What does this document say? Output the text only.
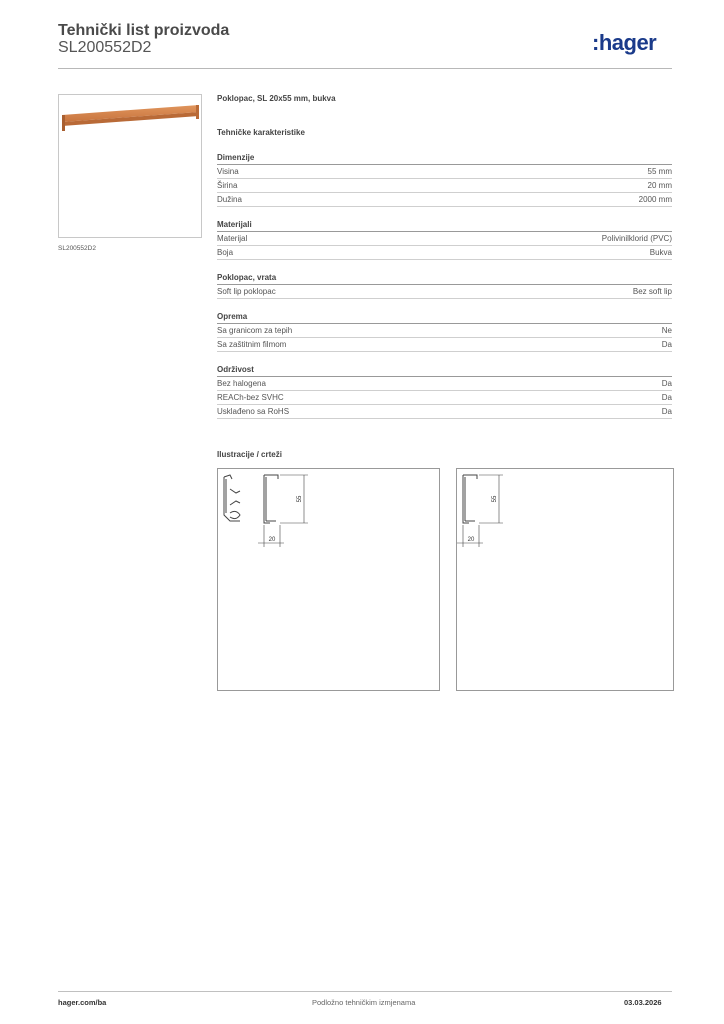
Tehnički list proizvoda
SL200552D2	:hager
SL200552D2
Poklopac, SL 20x55 mm, bukva
Tehničke karakteristike
Dimenzije
Visina	55 mm
Širina	20 mm
Dužina	2000 mm
Materijali
Materijal	Polivinilklorid (PVC)
Boja	Bukva
Poklopac, vrata
Soft lip poklopac	Bez soft lip
Oprema
Sa granicom za tepih	Ne
Sa zaštitnim filmom	Da
Održivost
Bez halogena	Da
REACh-bez SVHC	Da
Usklađeno sa RoHS	Da
Ilustracije / crteži
55
20
55
20
hager.com/ba	Podložno tehničkim izmjenama	03.03.2026
